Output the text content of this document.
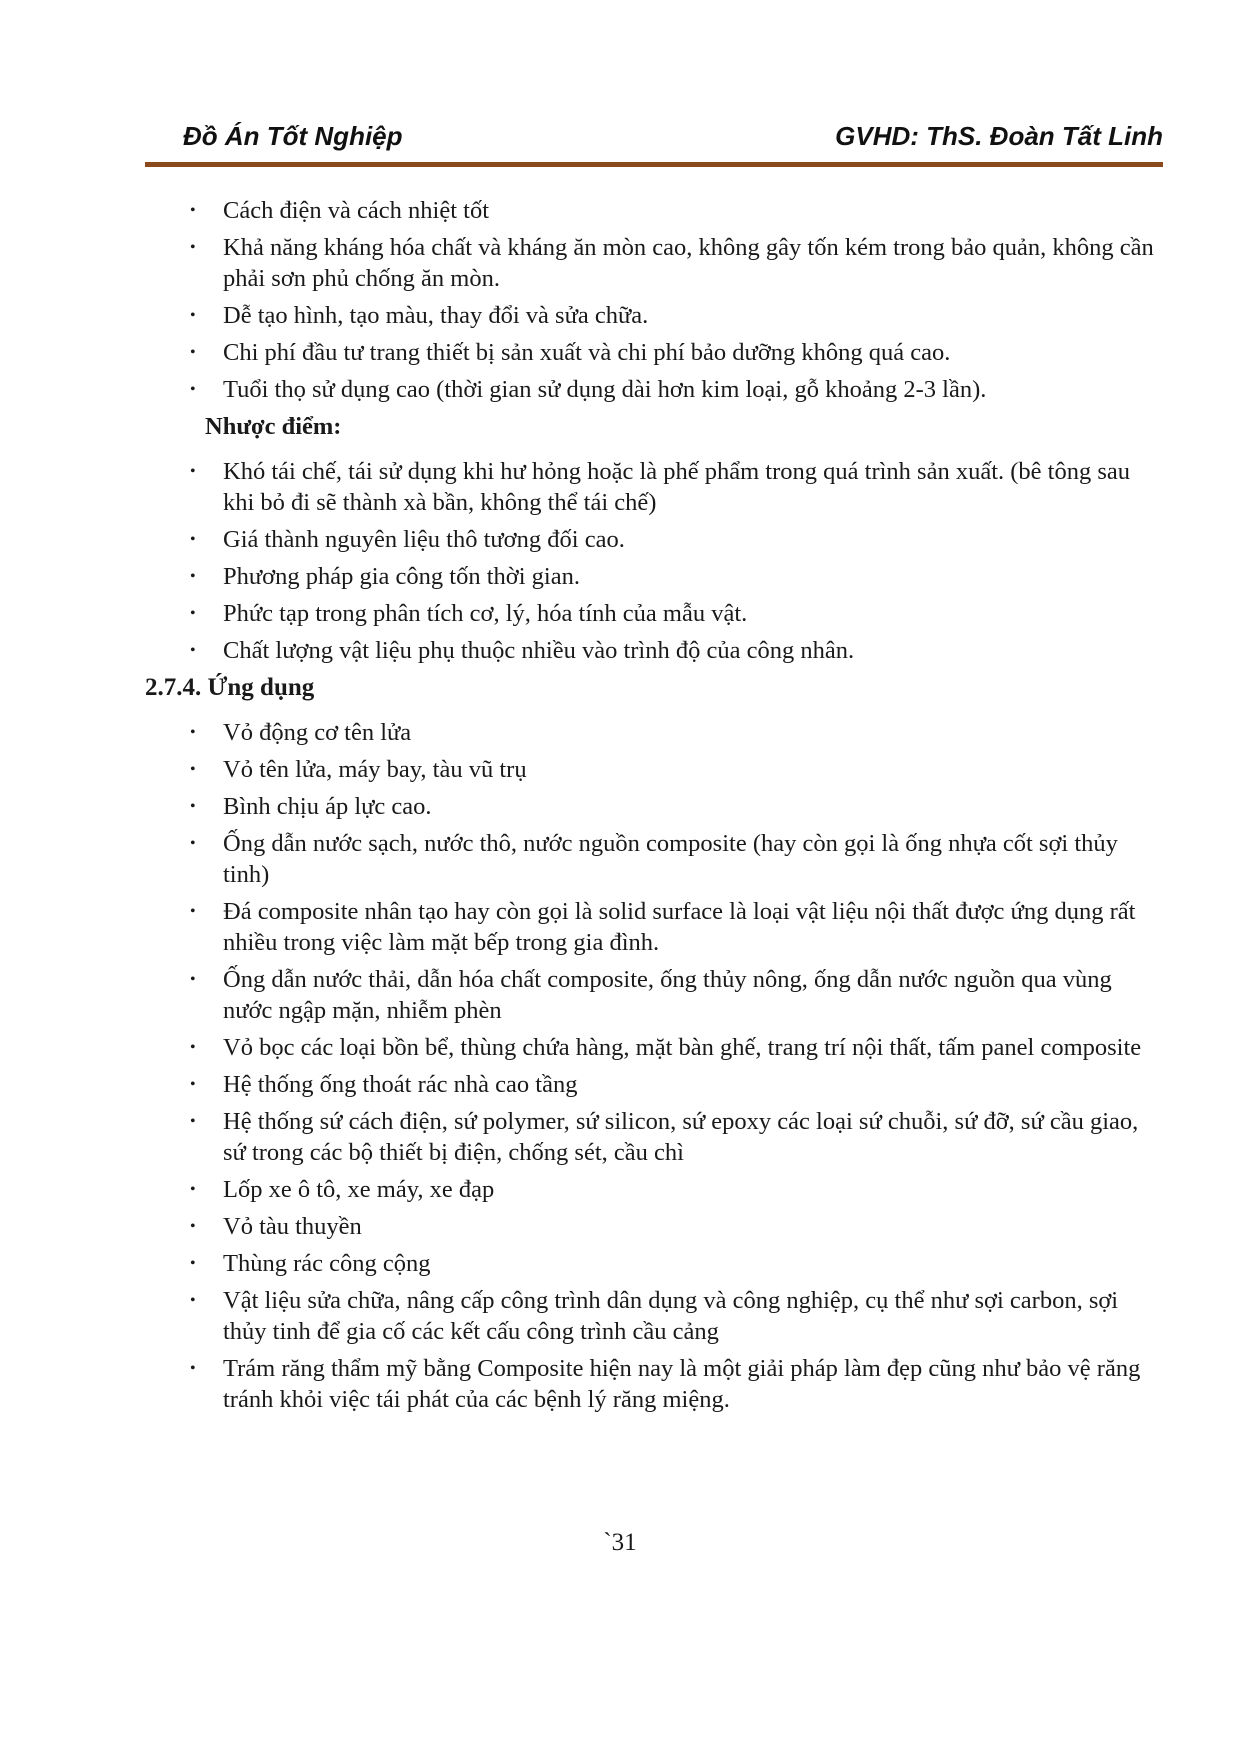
Đồ Án Tốt Nghiệp	GVHD: ThS. Đoàn Tất Linh
• Cách điện và cách nhiệt tốt
• Khả năng kháng hóa chất và kháng ăn mòn cao, không gây tốn kém trong bảo quản, không cần phải sơn phủ chống ăn mòn.
• Dễ tạo hình, tạo màu, thay đổi và sửa chữa.
• Chi phí đầu tư trang thiết bị sản xuất và chi phí bảo dưỡng không quá cao.
• Tuổi thọ sử dụng cao (thời gian sử dụng dài hơn kim loại, gỗ khoảng 2-3 lần).
Nhược điểm:
• Khó tái chế, tái sử dụng khi hư hỏng hoặc là phế phẩm trong quá trình sản xuất. (bê tông sau khi bỏ đi sẽ thành xà bần, không thể tái chế)
• Giá thành nguyên liệu thô tương đối cao.
• Phương pháp gia công tốn thời gian.
• Phức tạp trong phân tích cơ, lý, hóa tính của mẫu vật.
• Chất lượng vật liệu phụ thuộc nhiều vào trình độ của công nhân.
2.7.4. Ứng dụng
• Vỏ động cơ tên lửa
• Vỏ tên lửa, máy bay, tàu vũ trụ
• Bình chịu áp lực cao.
• Ống dẫn nước sạch, nước thô, nước nguồn composite (hay còn gọi là ống nhựa cốt sợi thủy tinh)
• Đá composite nhân tạo hay còn gọi là solid surface là loại vật liệu nội thất được ứng dụng rất nhiều trong việc làm mặt bếp trong gia đình.
• Ống dẫn nước thải, dẫn hóa chất composite, ống thủy nông, ống dẫn nước nguồn qua vùng nước ngập mặn, nhiễm phèn
• Vỏ bọc các loại bồn bể, thùng chứa hàng, mặt bàn ghế, trang trí nội thất, tấm panel composite
• Hệ thống ống thoát rác nhà cao tầng
• Hệ thống sứ cách điện, sứ polymer, sứ silicon, sứ epoxy các loại sứ chuỗi, sứ đỡ, sứ cầu giao, sứ trong các bộ thiết bị điện, chống sét, cầu chì
• Lốp xe ô tô, xe máy, xe đạp
• Vỏ tàu thuyền
• Thùng rác công cộng
• Vật liệu sửa chữa, nâng cấp công trình dân dụng và công nghiệp, cụ thể như sợi carbon, sợi thủy tinh để gia cố các kết cấu công trình cầu cảng
• Trám răng thẩm mỹ bằng Composite hiện nay là một giải pháp làm đẹp cũng như bảo vệ răng tránh khỏi việc tái phát của các bệnh lý răng miệng.
`31
